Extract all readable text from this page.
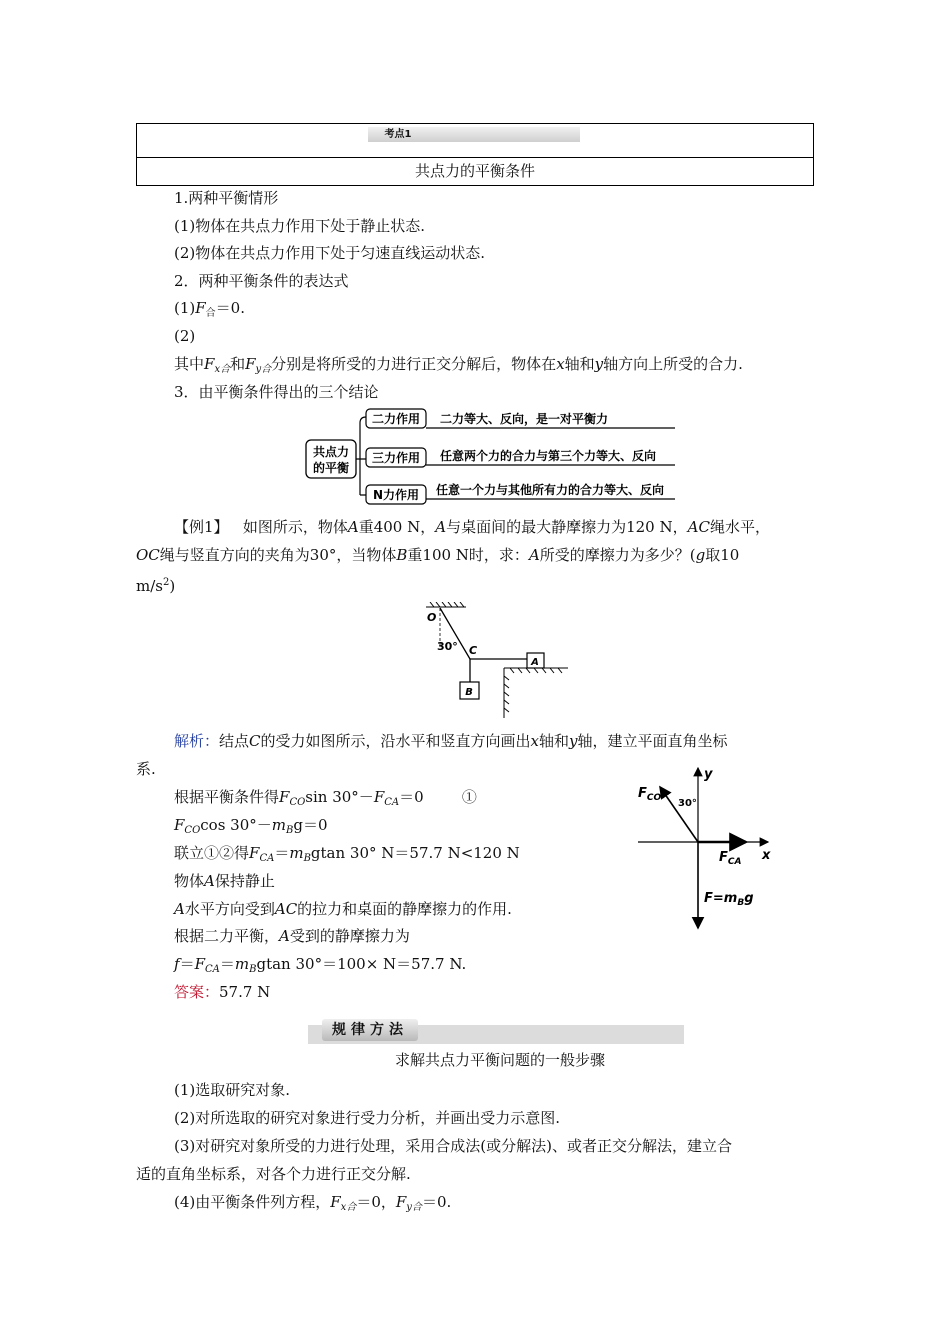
考点1
共点力的平衡条件
1.两种平衡情形
(1)物体在共点力作用下处于静止状态.
(2)物体在共点力作用下处于匀速直线运动状态.
2．两种平衡条件的表达式
$(1)F_合=0$.
(2)
其中$F_{x合}$和$F_{y合}$分别是将所受的力进行正交分解后，物体在x轴和y轴方向上所受的合力.
3．由平衡条件得出的三个结论
共点力
的平衡
二力作用 二力等大、反向，是一对平衡力
三力作用 任意两个力的合力与第三个力等大、反向
N力作用 任意一个力与其他所有力的合力等大、反向
【例1】 如图所示，物体A重400 N，A与桌面间的最大静摩擦力为120 N，AC绳水平，
OC绳与竖直方向的夹角为30°，当物体B重100 N时，求：A所受的摩擦力为多少？(g取10
$m/s^2$)
O
30° C
A
B
解析：结点C的受力如图所示，沿水平和竖直方向画出x轴和y轴，建立平面直角坐标
系.
根据平衡条件得$F_{CO}\sin$ $30^\circ-F_{CA}=0$	①
$F_{CO}\cos$ $30^\circ-m_Bg=0$
联立①②得$F_{CA}=m_Bgtan$ 30° N＝57.7 N<120 N
物体A保持静止
A水平方向受到AC的拉力和桌面的静摩擦力的作用.
根据二力平衡，A受到的静摩擦力为
$f=F_{CA}=m_Bgtan$ 30°＝100× N＝57.7 N.
答案：57.7 N
y
x
30°
$F_{CO}$
$F_{CA}$
$F=m_Bg$
规律方法
求解共点力平衡问题的一般步骤
(1)选取研究对象.
(2)对所选取的研究对象进行受力分析，并画出受力示意图.
(3)对研究对象所受的力进行处理，采用合成法(或分解法)、或者正交分解法，建立合
适的直角坐标系，对各个力进行正交分解.
(4)由平衡条件列方程，$F_{x合}=0$，$F_{y合}=0$.
